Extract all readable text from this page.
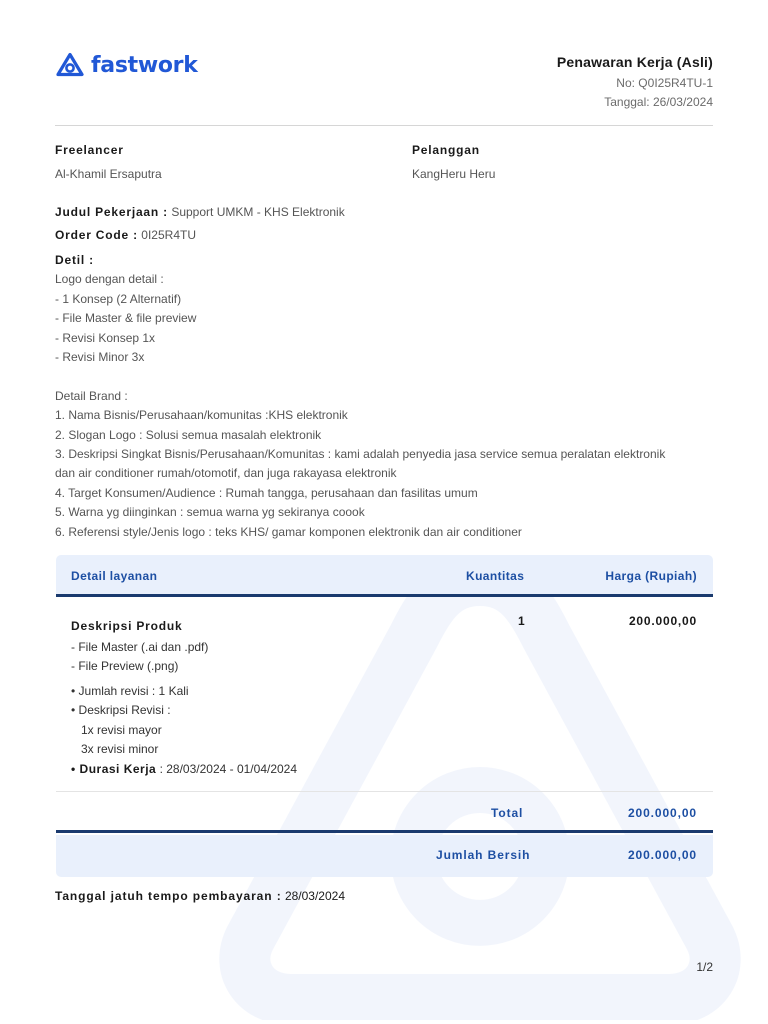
fastwork	Penawaran Kerja (Asli)
No: Q0I25R4TU-1
Tanggal: 26/03/2024
Freelancer
Al-Khamil Ersaputra
Pelanggan
KangHeru Heru
Judul Pekerjaan : Support UMKM - KHS Elektronik
Order Code : 0I25R4TU
Detil :
Logo dengan detail :
- 1 Konsep (2 Alternatif)
- File Master & file preview
- Revisi Konsep 1x
- Revisi Minor 3x
Detail Brand :
1. Nama Bisnis/Perusahaan/komunitas :KHS elektronik
2. Slogan Logo : Solusi semua masalah elektronik
3. Deskripsi Singkat Bisnis/Perusahaan/Komunitas : kami adalah penyedia jasa service semua peralatan elektronik
dan air conditioner rumah/otomotif, dan juga rakayasa elektronik
4. Target Konsumen/Audience : Rumah tangga, perusahaan dan fasilitas umum
5. Warna yg diinginkan : semua warna yg sekiranya coook
6. Referensi style/Jenis logo : teks KHS/ gamar komponen elektronik dan air conditioner
Detail layanan	Kuantitas	Harga (Rupiah)
Deskripsi Produk
- File Master (.ai dan .pdf)
- File Preview (.png)
• Jumlah revisi : 1 Kali
• Deskripsi Revisi :
1x revisi mayor
3x revisi minor
• Durasi Kerja : 28/03/2024 - 01/04/2024
1	200.000,00
Total	200.000,00
Jumlah Bersih	200.000,00
Tanggal jatuh tempo pembayaran : 28/03/2024
1/2
